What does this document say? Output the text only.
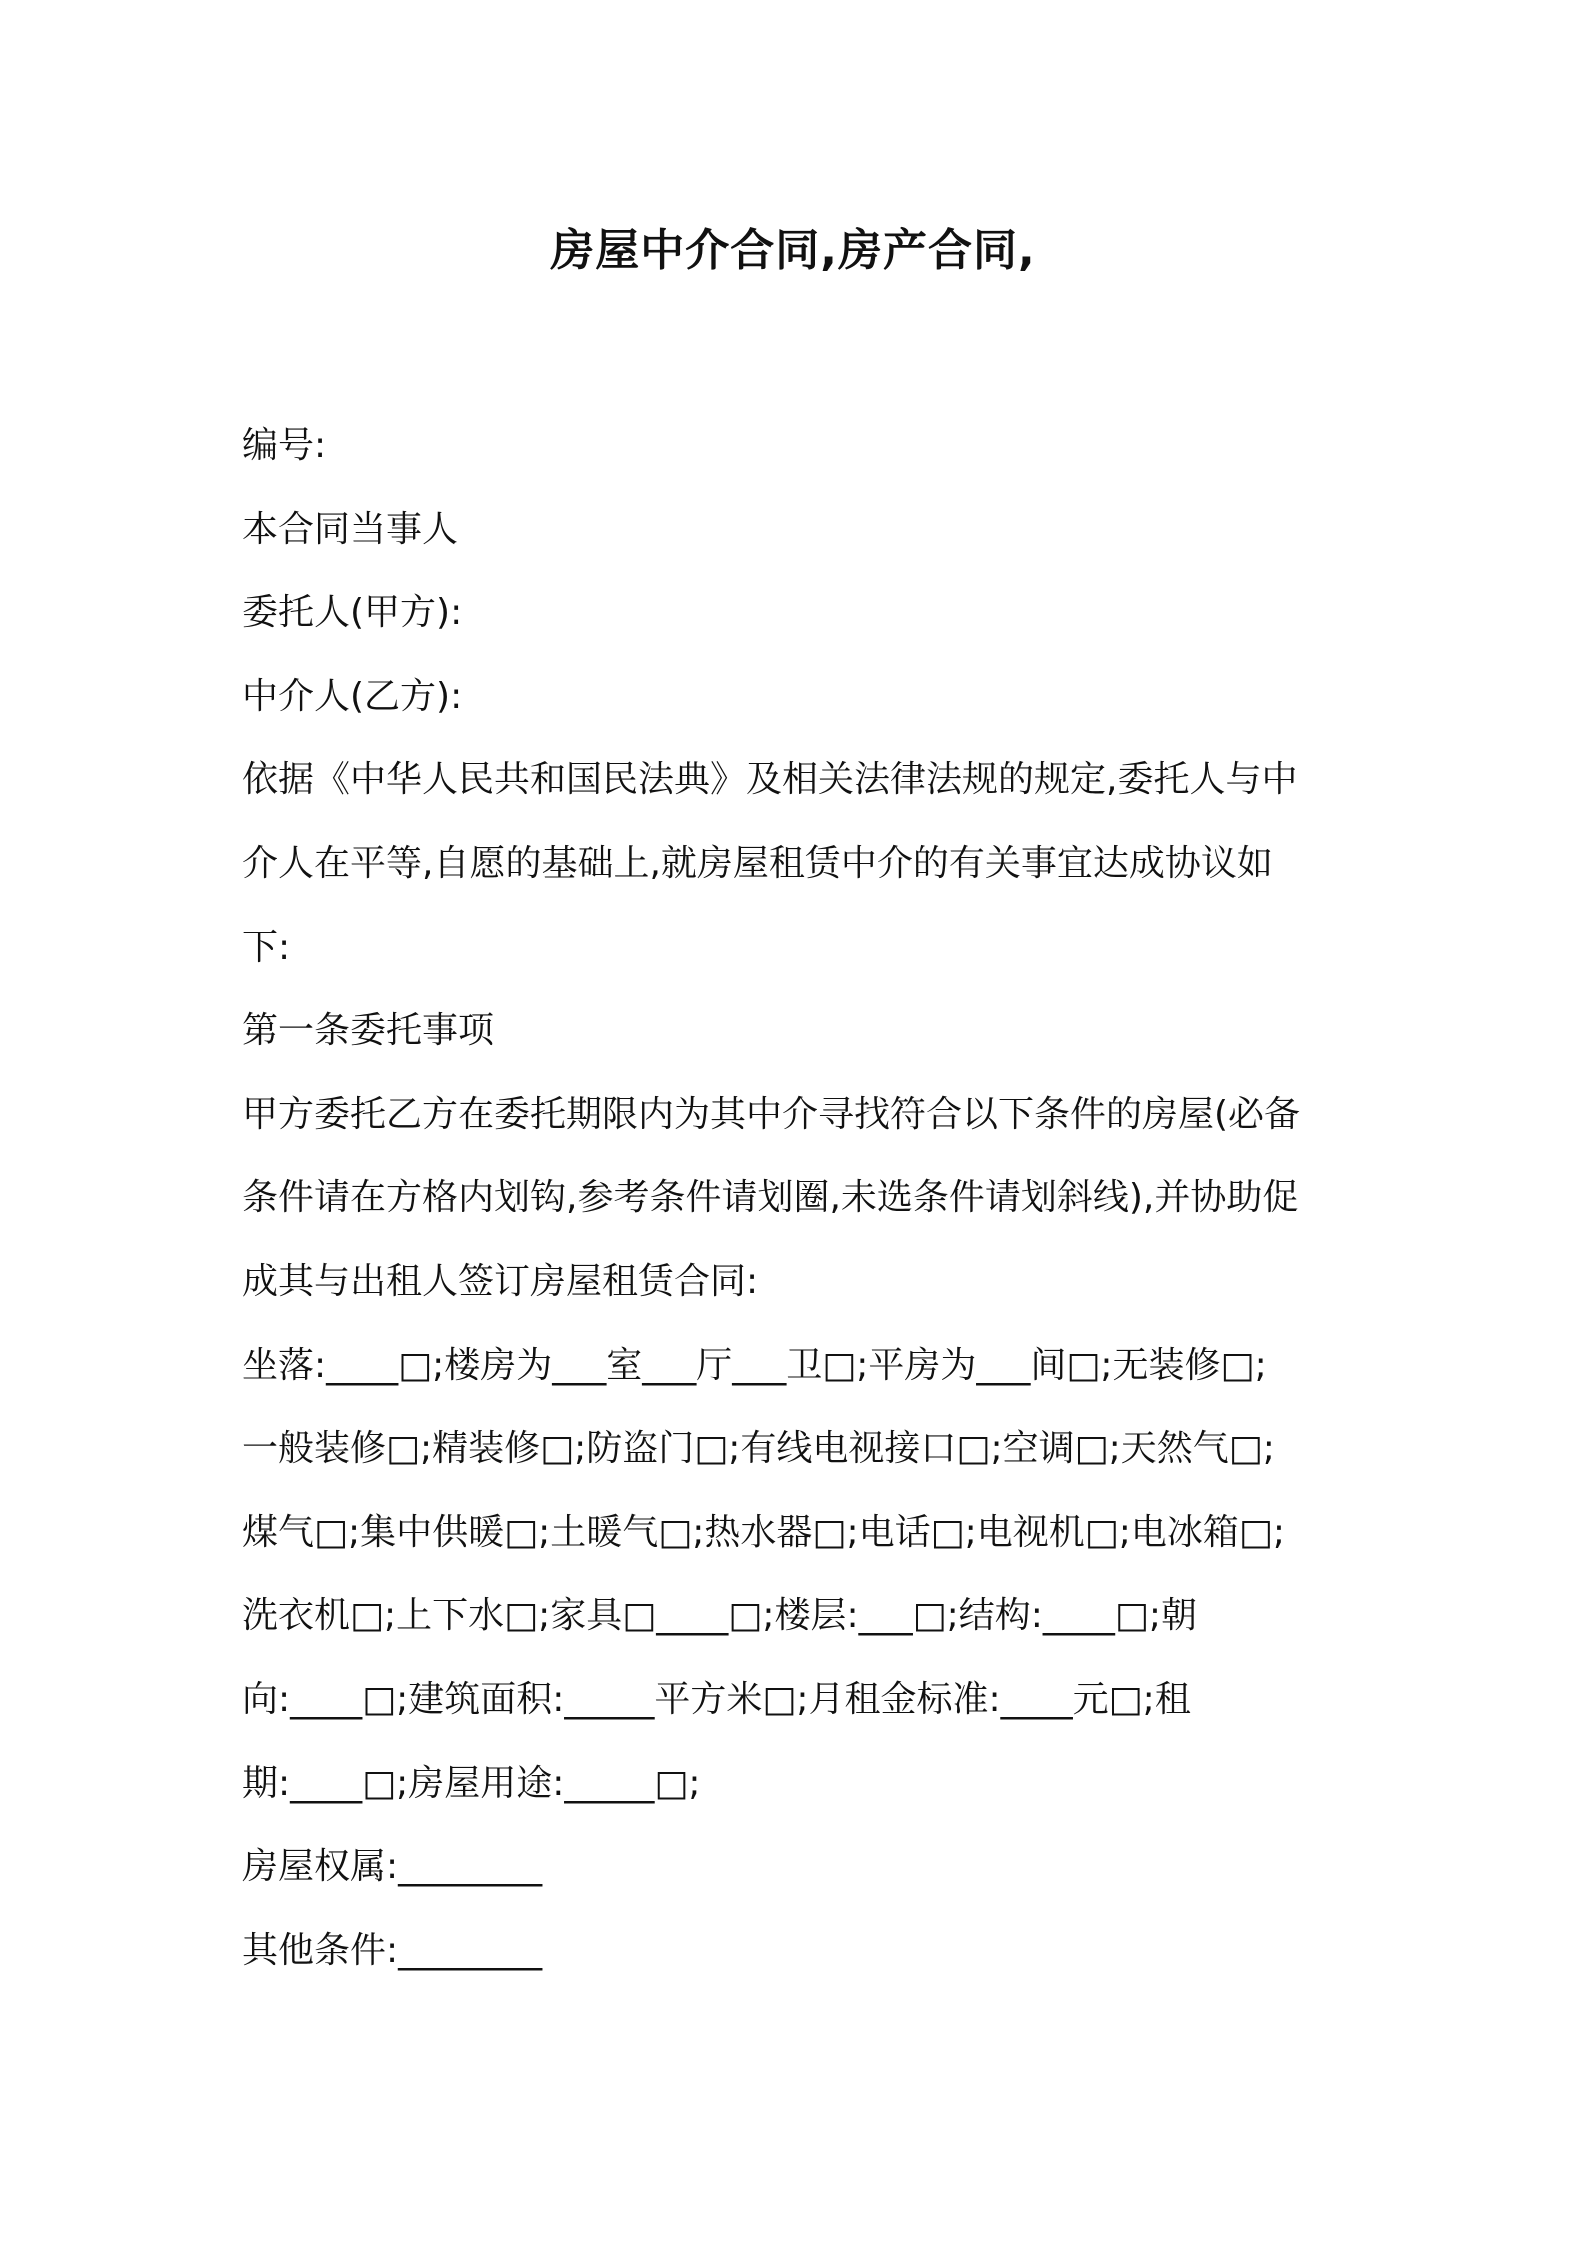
房屋中介合同,房产合同,

编号:

本合同当事人

委托人(甲方):

中介人(乙方):

依据《中华人民共和国民法典》及相关法律法规的规定,委托人与中

介人在平等,自愿的基础上,就房屋租赁中介的有关事宜达成协议如

下:

第一条委托事项

甲方委托乙方在委托期限内为其中介寻找符合以下条件的房屋(必备

条件请在方格内划钩,参考条件请划圈,未选条件请划斜线),并协助促

成其与出租人签订房屋租赁合同:

坐落:____□;楼房为___室___厅___卫□;平房为___间□;无装修□;

一般装修□;精装修□;防盗门□;有线电视接口□;空调□;天然气□;

煤气□;集中供暖□;土暖气□;热水器□;电话□;电视机□;电冰箱□;

洗衣机□;上下水□;家具□____□;楼层:___□;结构:____□;朝

向:____□;建筑面积:_____平方米□;月租金标准:____元□;租

期:____□;房屋用途:_____□;

房屋权属:________

其他条件:________
